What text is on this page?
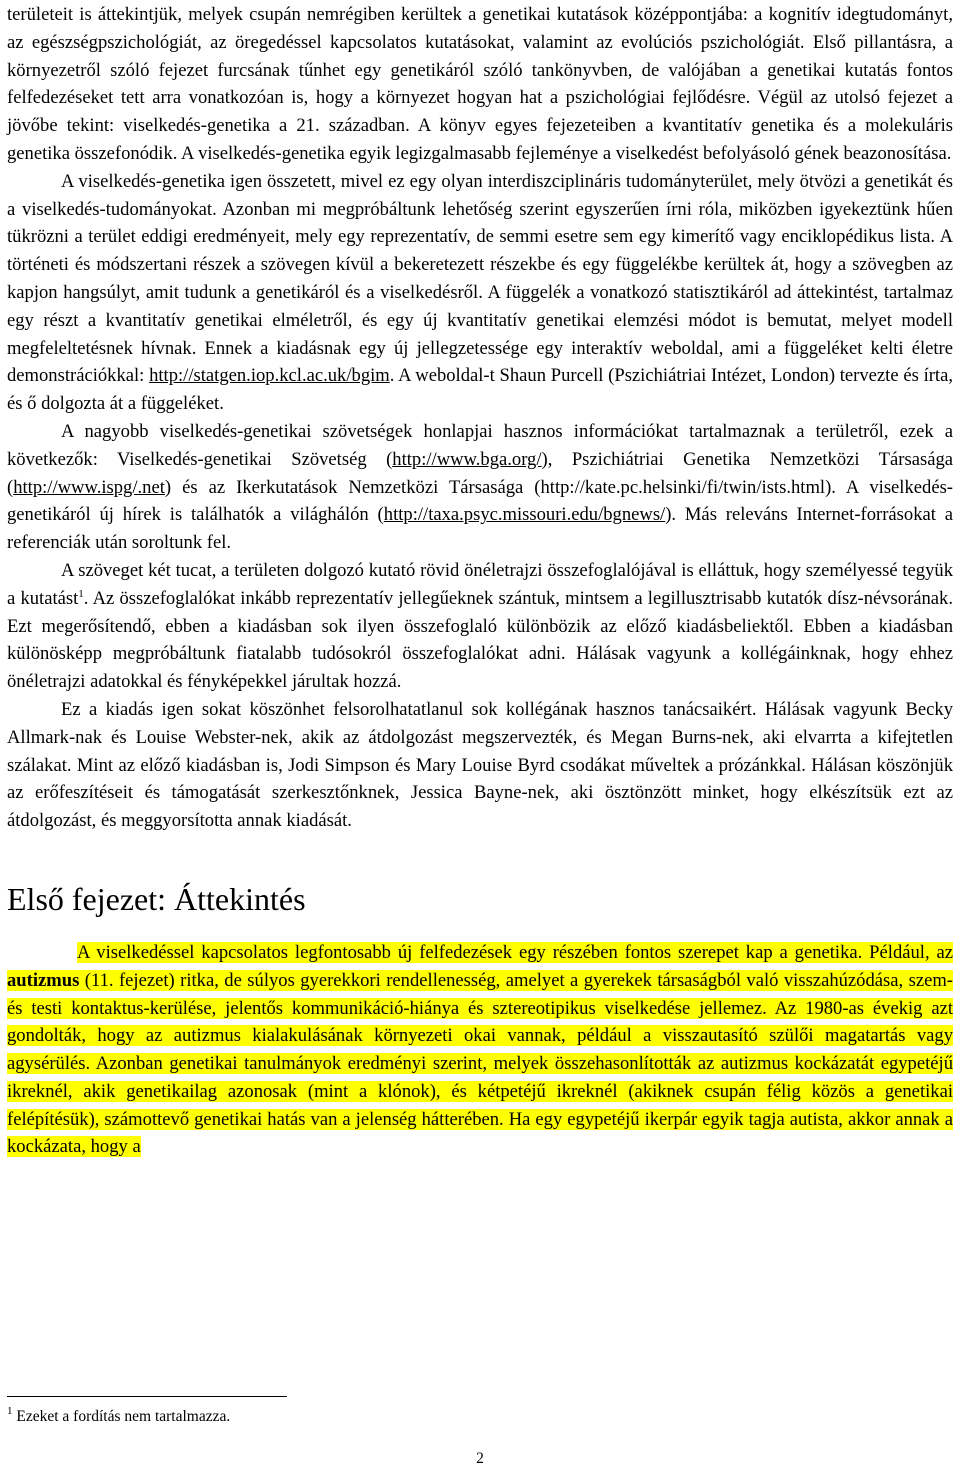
területeit is áttekintjük, melyek csupán nemrégiben kerültek a genetikai kutatások középpontjába: a kognitív idegtudományt, az egészségpszichológiát, az öregedéssel kapcsolatos kutatásokat, valamint az evolúciós pszichológiát. Első pillantásra, a környezetről szóló fejezet furcsának tűnhet egy genetikáról szóló tankönyvben, de valójában a genetikai kutatás fontos felfedezéseket tett arra vonatkozóan is, hogy a környezet hogyan hat a pszichológiai fejlődésre. Végül az utolsó fejezet a jövőbe tekint: viselkedés-genetika a 21. században. A könyv egyes fejezeteiben a kvantitatív genetika és a molekuláris genetika összefonódik. A viselkedés-genetika egyik legizgalmasabb fejleménye a viselkedést befolyásoló gének beazonosítása.

A viselkedés-genetika igen összetett, mivel ez egy olyan interdiszciplináris tudományterület, mely ötvözi a genetikát és a viselkedés-tudományokat. Azonban mi megpróbáltunk lehetőség szerint egyszerűen írni róla, miközben igyekeztünk hűen tükrözni a terület eddigi eredményeit, mely egy reprezentatív, de semmi esetre sem egy kimerítő vagy enciklopédikus lista. A történeti és módszertani részek a szövegen kívül a bekeretezett részekbe és egy függelékbe kerültek át, hogy a szövegben az kapjon hangsúlyt, amit tudunk a genetikáról és a viselkedésről. A függelék a vonatkozó statisztikáról ad áttekintést, tartalmaz egy részt a kvantitatív genetikai elméletről, és egy új kvantitatív genetikai elemzési módot is bemutat, melyet modell megfeleltetésnek hívnak. Ennek a kiadásnak egy új jellegzetessége egy interaktív weboldal, ami a függeléket kelti életre demonstrációkkal: http://statgen.iop.kcl.ac.uk/bgim. A weboldal-t Shaun Purcell (Pszichiátriai Intézet, London) tervezte és írta, és ő dolgozta át a függeléket.

A nagyobb viselkedés-genetikai szövetségek honlapjai hasznos információkat tartalmaznak a területről, ezek a következők: Viselkedés-genetikai Szövetség (http://www.bga.org/), Pszichiátriai Genetika Nemzetközi Társasága (http://www.ispg/.net) és az Ikerkutatások Nemzetközi Társasága (http://kate.pc.helsinki/fi/twin/ists.html). A viselkedés-genetikáról új hírek is találhatók a világhálón (http://taxa.psyc.missouri.edu/bgnews/). Más releváns Internet-forrásokat a referenciák után soroltunk fel.

A szöveget két tucat, a területen dolgozó kutató rövid önéletrajzi összefoglalójával is elláttuk, hogy személyessé tegyük a kutatást$^1$. Az összefoglalókat inkább reprezentatív jellegűeknek szántuk, mintsem a legillusztrisabb kutatók dísz-névsorának. Ezt megerősítendő, ebben a kiadásban sok ilyen összefoglaló különbözik az előző kiadásbeliektől. Ebben a kiadásban különösképp megpróbáltunk fiatalabb tudósokról összefoglalókat adni. Hálásak vagyunk a kollégáinknak, hogy ehhez önéletrajzi adatokkal és fényképekkel járultak hozzá.

Ez a kiadás igen sokat köszönhet felsorolhatatlanul sok kollégának hasznos tanácsaikért. Hálásak vagyunk Becky Allmark-nak és Louise Webster-nek, akik az átdolgozást megszervezték, és Megan Burns-nek, aki elvarrta a kifejtetlen szálakat. Mint az előző kiadásban is, Jodi Simpson és Mary Louise Byrd csodákat műveltek a prózánkkal. Hálásan köszönjük az erőfeszítéseit és támogatását szerkesztőnknek, Jessica Bayne-nek, aki ösztönzött minket, hogy elkészítsük ezt az átdolgozást, és meggyorsította annak kiadását.

Első fejezet: Áttekintés

A viselkedéssel kapcsolatos legfontosabb új felfedezések egy részében fontos szerepet kap a genetika. Például, az autizmus (11. fejezet) ritka, de súlyos gyerekkori rendellenesség, amelyet a gyerekek társaságból való visszahúzódása, szem- és testi kontaktus-kerülése, jelentős kommunikáció-hiánya és sztereotipikus viselkedése jellemez. Az 1980-as évekig azt gondolták, hogy az autizmus kialakulásának környezeti okai vannak, például a visszautasító szülői magatartás vagy agysérülés. Azonban genetikai tanulmányok eredményi szerint, melyek összehasonlították az autizmus kockázatát egypetéjű ikreknél, akik genetikailag azonosak (mint a klónok), és kétpetéjű ikreknél (akiknek csupán félig közös a genetikai felépítésük), számottevő genetikai hatás van a jelenség hátterében. Ha egy egypetéjű ikerpár egyik tagja autista, akkor annak a kockázata, hogy a

$^1$ Ezeket a fordítás nem tartalmazza.
2
